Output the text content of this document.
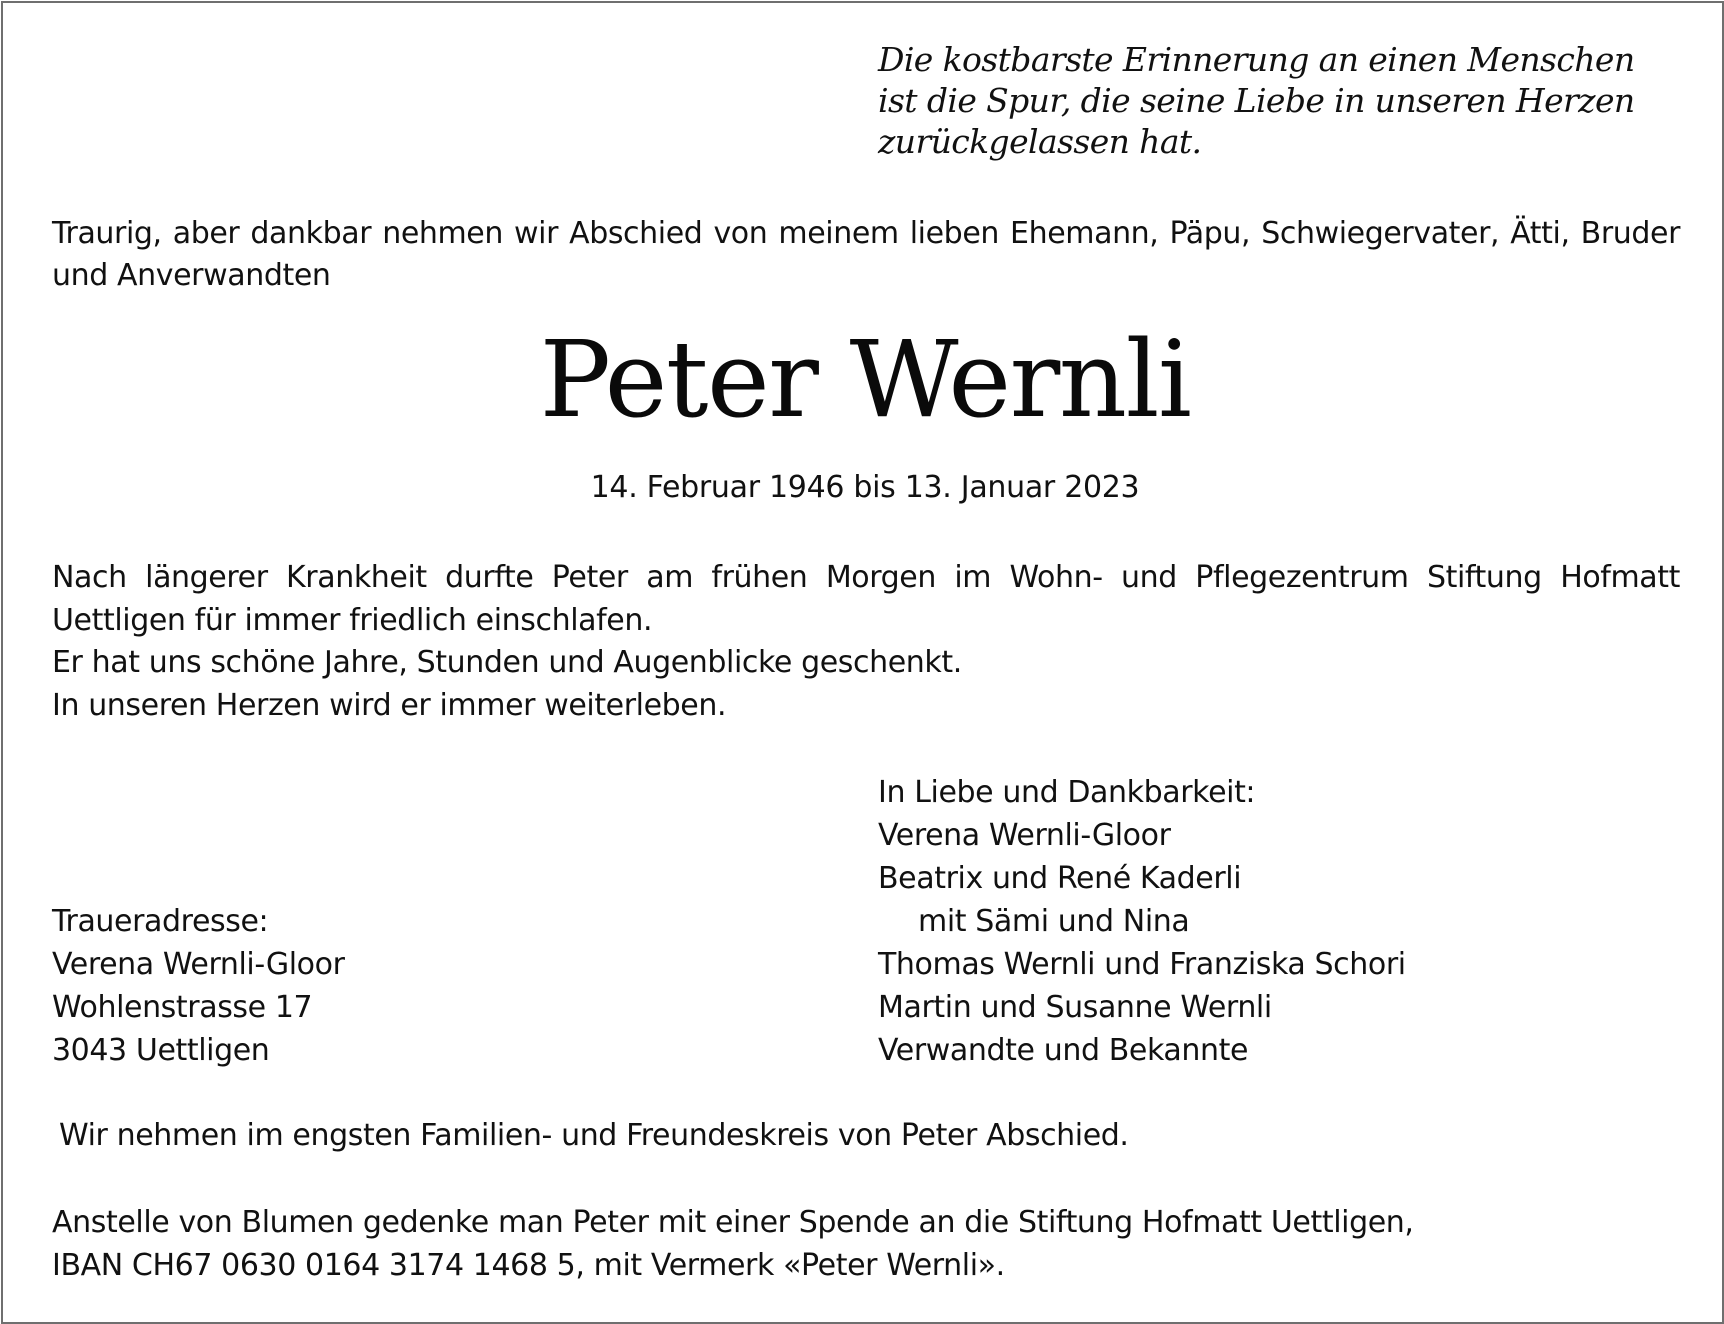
Die kostbarste Erinnerung an einen Menschen
ist die Spur, die seine Liebe in unseren Herzen
zurückgelassen hat.
Traurig, aber dankbar nehmen wir Abschied von meinem lieben Ehemann, Päpu, Schwiegervater, Ätti, Bruder und Anverwandten
Peter Wernli
14. Februar 1946 bis 13. Januar 2023
Nach längerer Krankheit durfte Peter am frühen Morgen im Wohn- und Pflegezentrum Stiftung Hofmatt Uettligen für immer friedlich einschlafen.
Er hat uns schöne Jahre, Stunden und Augenblicke geschenkt.
In unseren Herzen wird er immer weiterleben.
In Liebe und Dankbarkeit:
Verena Wernli-Gloor
Beatrix und René Kaderli
mit Sämi und Nina
Thomas Wernli und Franziska Schori
Martin und Susanne Wernli
Verwandte und Bekannte
Traueradresse:
Verena Wernli-Gloor
Wohlenstrasse 17
3043 Uettligen
Wir nehmen im engsten Familien- und Freundeskreis von Peter Abschied.
Anstelle von Blumen gedenke man Peter mit einer Spende an die Stiftung Hofmatt Uettligen,
IBAN CH67 0630 0164 3174 1468 5, mit Vermerk «Peter Wernli».
